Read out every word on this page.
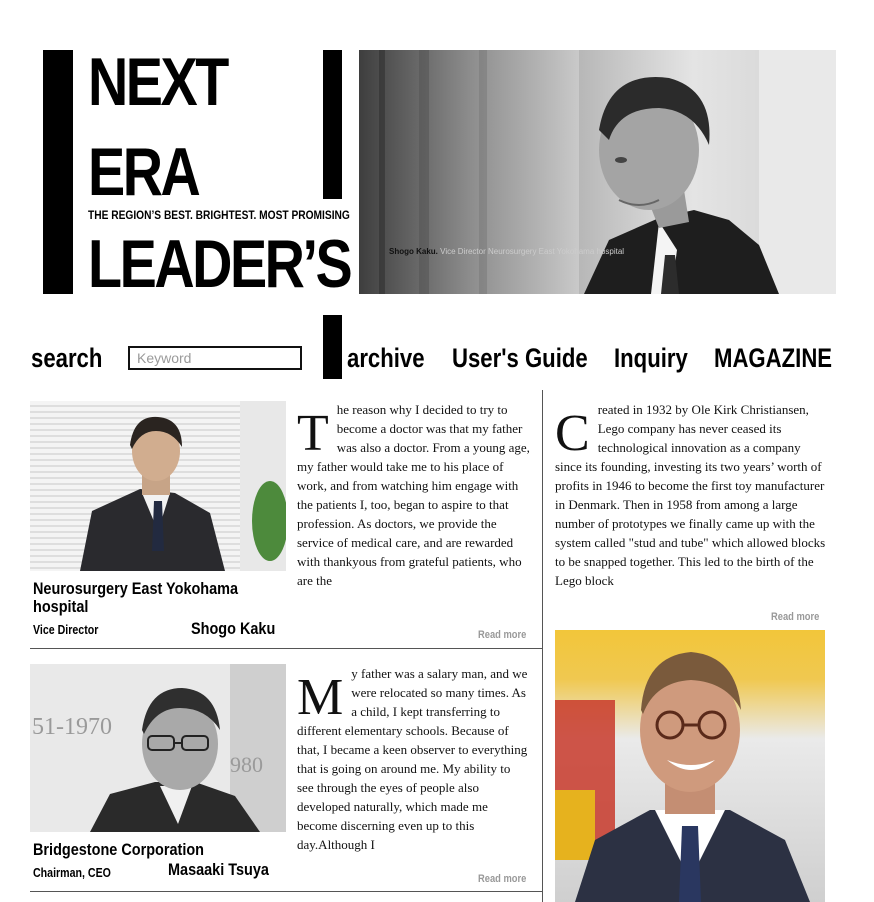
NEXT
ERA
THE REGION’S BEST. BRIGHTEST. MOST PROMISING
LEADER’S	Shogo Kaku. Vice Director Neurosurgery East Yokohama hospital
search
Keyword	archive User's Guide Inquiry MAGAZINE
The reason why I decided to try to become a doctor was that my father was also a doctor. From a young age, my father would take me to his place of work, and from watching him engage with the patients I, too, began to aspire to that profession. As doctors, we provide the service of medical care, and are rewarded with thankyous from grateful patients, who are the
Neurosurgery East Yokohama hospital
Vice Director	Shogo Kaku	Read more
51-1970
980
My father was a salary man, and we were relocated so many times. As a child, I kept transferring to different elementary schools. Because of that, I became a keen observer to everything that is going on around me. My ability to see through the eyes of people also developed naturally, which made me become discerning even up to this day.Although I
Bridgestone Corporation
Chairman, CEO	Masaaki Tsuya	Read more
Created in 1932 by Ole Kirk Christiansen, Lego company has never ceased its technological innovation as a company since its founding, investing its two years’ worth of profits in 1946 to become the first toy manufacturer in Denmark. Then in 1958 from among a large number of prototypes we finally came up with the system called "stud and tube" which allowed blocks to be snapped together. This led to the birth of the Lego block
Read more
